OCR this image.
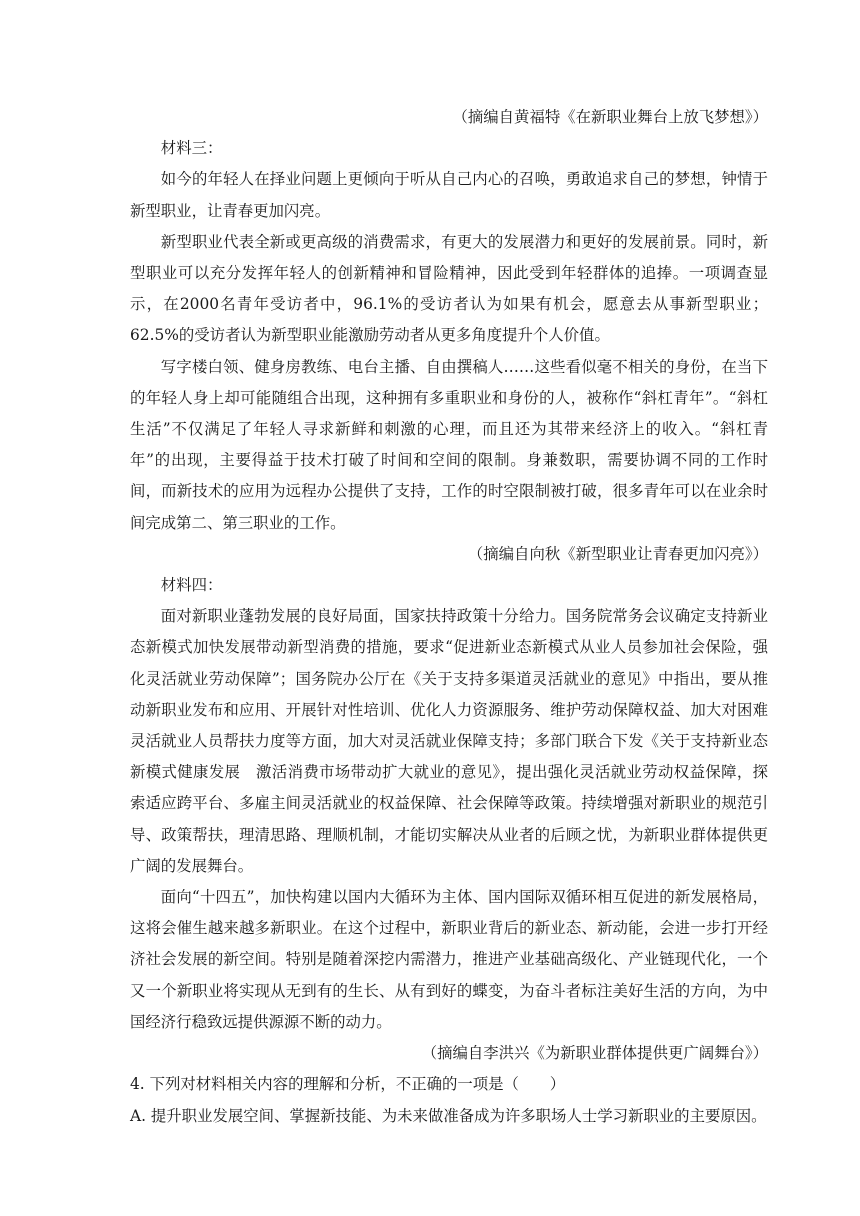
（摘编自黄福特《在新职业舞台上放飞梦想》）

材料三：

如今的年轻人在择业问题上更倾向于听从自己内心的召唤，勇敢追求自己的梦想，钟情于新型职业，让青春更加闪亮。

新型职业代表全新或更高级的消费需求，有更大的发展潜力和更好的发展前景。同时，新型职业可以充分发挥年轻人的创新精神和冒险精神，因此受到年轻群体的追捧。一项调查显示，在2000名青年受访者中，96.1%的受访者认为如果有机会，愿意去从事新型职业；62.5%的受访者认为新型职业能激励劳动者从更多角度提升个人价值。

写字楼白领、健身房教练、电台主播、自由撰稿人……这些看似毫不相关的身份，在当下的年轻人身上却可能随组合出现，这种拥有多重职业和身份的人，被称作“斜杠青年”。“斜杠生活”不仅满足了年轻人寻求新鲜和刺激的心理，而且还为其带来经济上的收入。“斜杠青年”的出现，主要得益于技术打破了时间和空间的限制。身兼数职，需要协调不同的工作时间，而新技术的应用为远程办公提供了支持，工作的时空限制被打破，很多青年可以在业余时间完成第二、第三职业的工作。

（摘编自向秋《新型职业让青春更加闪亮》）

材料四：

面对新职业蓬勃发展的良好局面，国家扶持政策十分给力。国务院常务会议确定支持新业态新模式加快发展带动新型消费的措施，要求“促进新业态新模式从业人员参加社会保险，强化灵活就业劳动保障”；国务院办公厅在《关于支持多渠道灵活就业的意见》中指出，要从推动新职业发布和应用、开展针对性培训、优化人力资源服务、维护劳动保障权益、加大对困难灵活就业人员帮扶力度等方面，加大对灵活就业保障支持；多部门联合下发《关于支持新业态新模式健康发展　激活消费市场带动扩大就业的意见》，提出强化灵活就业劳动权益保障，探索适应跨平台、多雇主间灵活就业的权益保障、社会保障等政策。持续增强对新职业的规范引导、政策帮扶，理清思路、理顺机制，才能切实解决从业者的后顾之忧，为新职业群体提供更广阔的发展舞台。

面向“十四五”，加快构建以国内大循环为主体、国内国际双循环相互促进的新发展格局，这将会催生越来越多新职业。在这个过程中，新职业背后的新业态、新动能，会进一步打开经济社会发展的新空间。特别是随着深挖内需潜力，推进产业基础高级化、产业链现代化，一个又一个新职业将实现从无到有的生长、从有到好的蝶变，为奋斗者标注美好生活的方向，为中国经济行稳致远提供源源不断的动力。

（摘编自李洪兴《为新职业群体提供更广阔舞台》）

4. 下列对材料相关内容的理解和分析，不正确的一项是（　　）

A. 提升职业发展空间、掌握新技能、为未来做准备成为许多职场人士学习新职业的主要原因。
